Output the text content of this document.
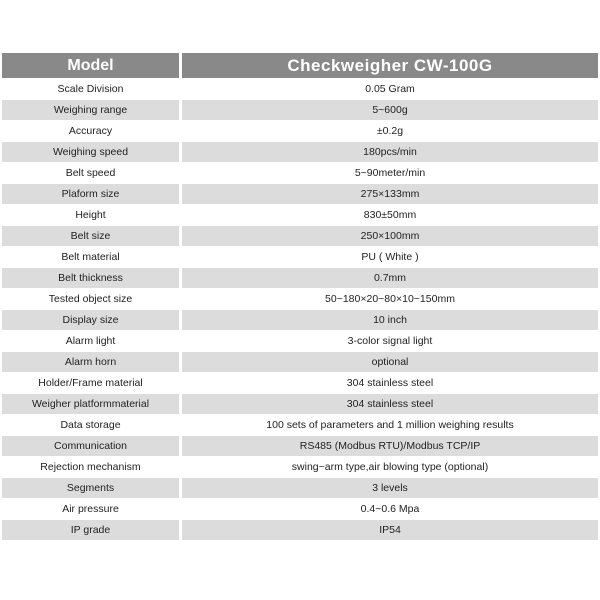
Model	Checkweigher CW-100G
Scale Division	0.05 Gram
Weighing range	5~600g
Accuracy	±0.2g
Weighing speed	180pcs/min
Belt speed	5~90meter/min
Plaform size	275×133mm
Height	830±50mm
Belt size	250×100mm
Belt material	PU ( White )
Belt thickness	0.7mm
Tested object size	50~180×20~80×10~150mm
Display size	10 inch
Alarm light	3-color signal light
Alarm horn	optional
Holder/Frame material	304 stainless steel
Weigher platformmaterial	304 stainless steel
Data storage	100 sets of parameters and 1 million weighing results
Communication	RS485 (Modbus RTU)/Modbus TCP/IP
Rejection mechanism	swing~arm type,air blowing type (optional)
Segments	3 levels
Air pressure	0.4~0.6 Mpa
IP grade	IP54
